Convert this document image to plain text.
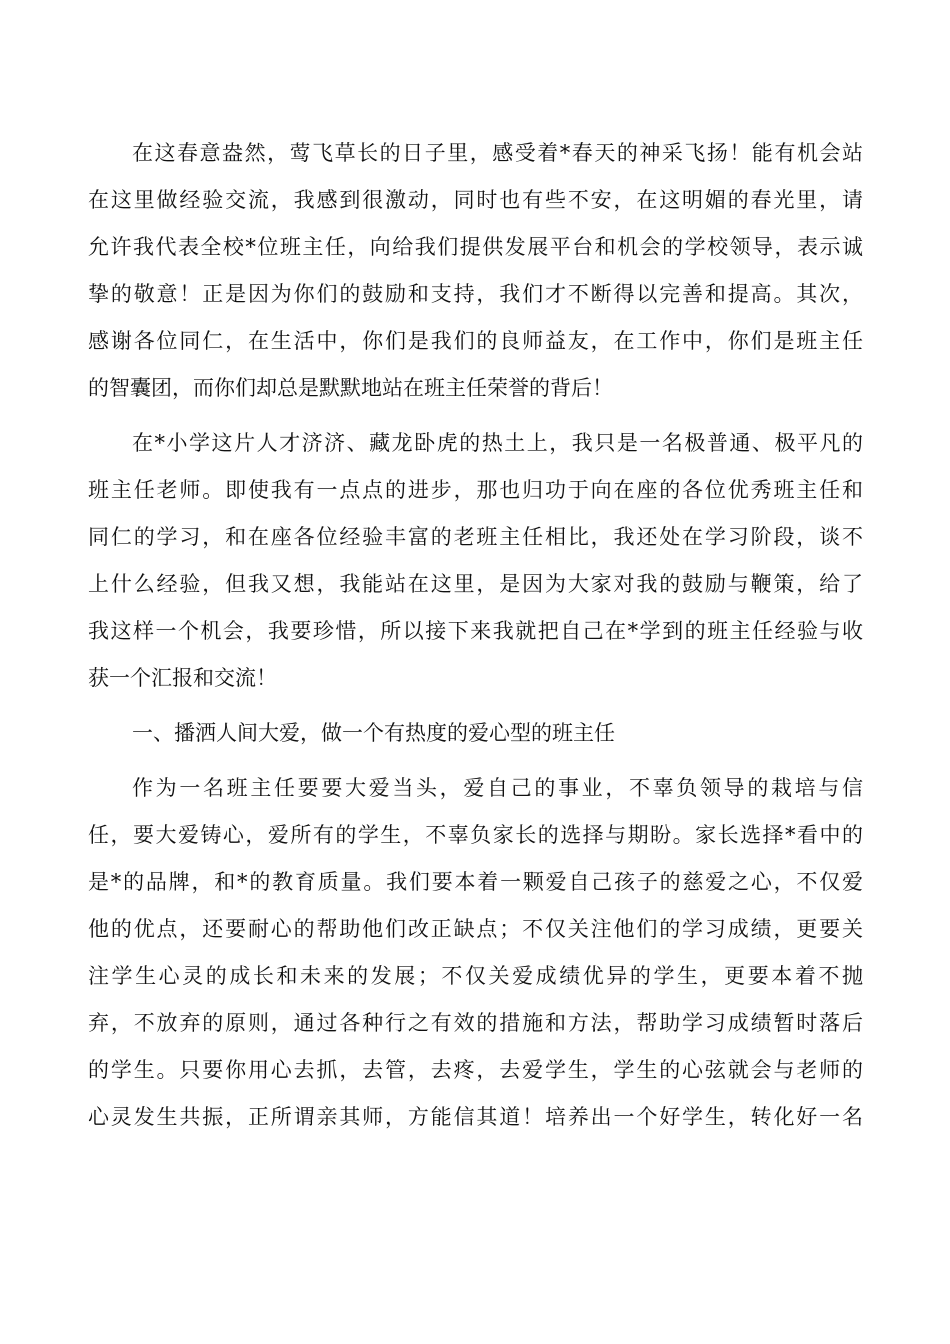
在这春意盎然，莺飞草长的日子里，感受着*春天的神采飞扬！能有机会站
在这里做经验交流，我感到很激动，同时也有些不安，在这明媚的春光里，请
允许我代表全校*位班主任，向给我们提供发展平台和机会的学校领导，表示诚
挚的敬意！正是因为你们的鼓励和支持，我们才不断得以完善和提高。其次，
感谢各位同仁，在生活中，你们是我们的良师益友，在工作中，你们是班主任
的智囊团，而你们却总是默默地站在班主任荣誉的背后！
在*小学这片人才济济、藏龙卧虎的热土上，我只是一名极普通、极平凡的
班主任老师。即使我有一点点的进步，那也归功于向在座的各位优秀班主任和
同仁的学习，和在座各位经验丰富的老班主任相比，我还处在学习阶段，谈不
上什么经验，但我又想，我能站在这里，是因为大家对我的鼓励与鞭策，给了
我这样一个机会，我要珍惜，所以接下来我就把自己在*学到的班主任经验与收
获一个汇报和交流！
一、播洒人间大爱，做一个有热度的爱心型的班主任
作为一名班主任要要大爱当头，爱自己的事业，不辜负领导的栽培与信
任，要大爱铸心，爱所有的学生，不辜负家长的选择与期盼。家长选择*看中的
是*的品牌，和*的教育质量。我们要本着一颗爱自己孩子的慈爱之心，不仅爱
他的优点，还要耐心的帮助他们改正缺点；不仅关注他们的学习成绩，更要关
注学生心灵的成长和未来的发展；不仅关爱成绩优异的学生，更要本着不抛
弃，不放弃的原则，通过各种行之有效的措施和方法，帮助学习成绩暂时落后
的学生。只要你用心去抓，去管，去疼，去爱学生，学生的心弦就会与老师的
心灵发生共振，正所谓亲其师，方能信其道！培养出一个好学生，转化好一名
